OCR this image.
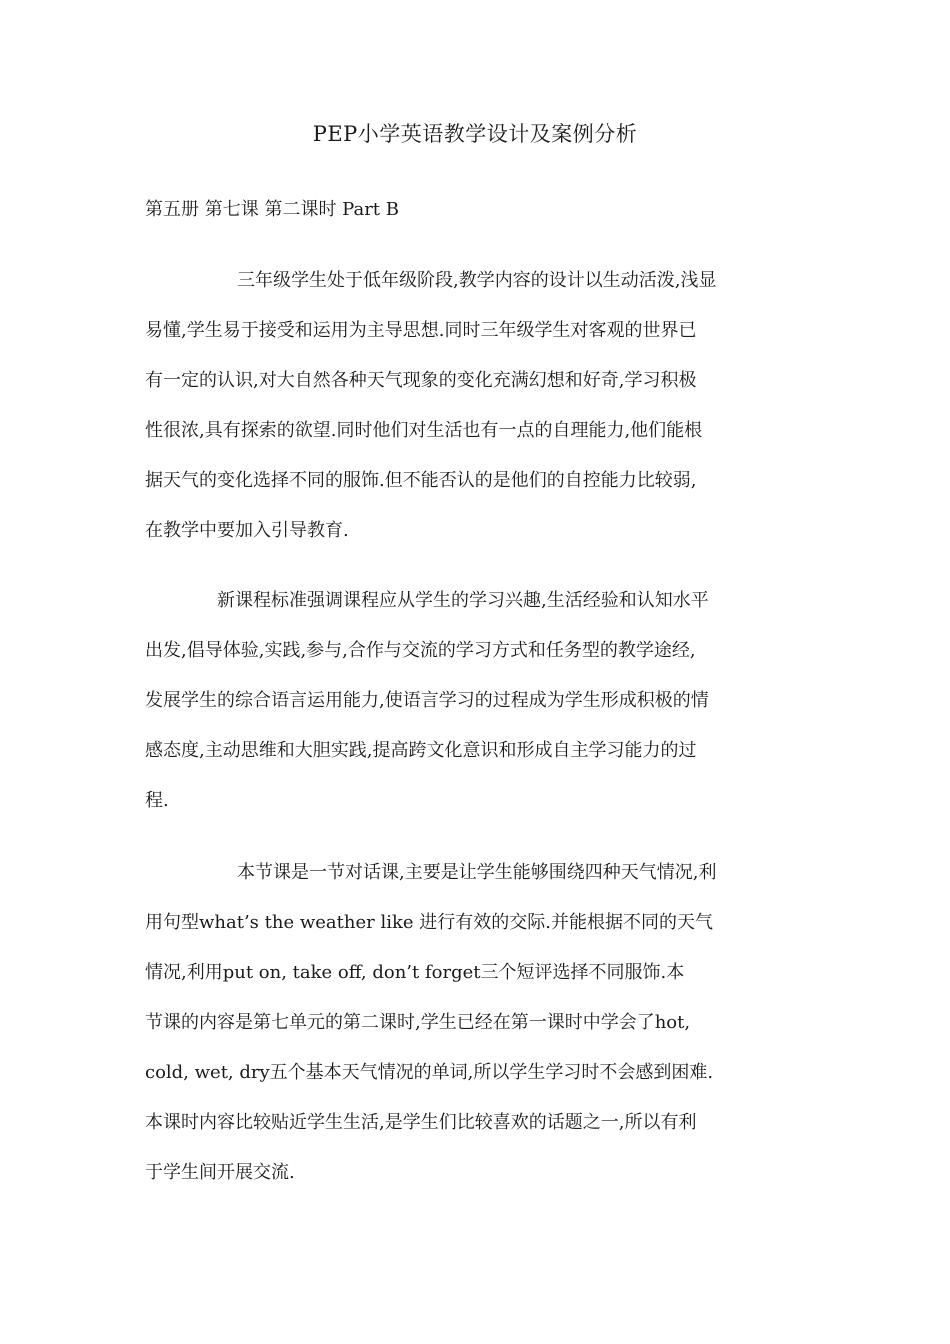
PEP小学英语教学设计及案例分析
第五册 第七课 第二课时 Part B
三年级学生处于低年级阶段,教学内容的设计以生动活泼,浅显
易懂,学生易于接受和运用为主导思想.同时三年级学生对客观的世界已
有一定的认识,对大自然各种天气现象的变化充满幻想和好奇,学习积极
性很浓,具有探索的欲望.同时他们对生活也有一点的自理能力,他们能根
据天气的变化选择不同的服饰.但不能否认的是他们的自控能力比较弱,
在教学中要加入引导教育.
新课程标准强调课程应从学生的学习兴趣,生活经验和认知水平
出发,倡导体验,实践,参与,合作与交流的学习方式和任务型的教学途经,
发展学生的综合语言运用能力,使语言学习的过程成为学生形成积极的情
感态度,主动思维和大胆实践,提高跨文化意识和形成自主学习能力的过
程.
本节课是一节对话课,主要是让学生能够围绕四种天气情况,利
用句型what’s the weather like 进行有效的交际.并能根据不同的天气
情况,利用put on, take off, don’t forget三个短评选择不同服饰.本
节课的内容是第七单元的第二课时,学生已经在第一课时中学会了hot,
cold, wet, dry五个基本天气情况的单词,所以学生学习时不会感到困难.
本课时内容比较贴近学生生活,是学生们比较喜欢的话题之一,所以有利
于学生间开展交流.
